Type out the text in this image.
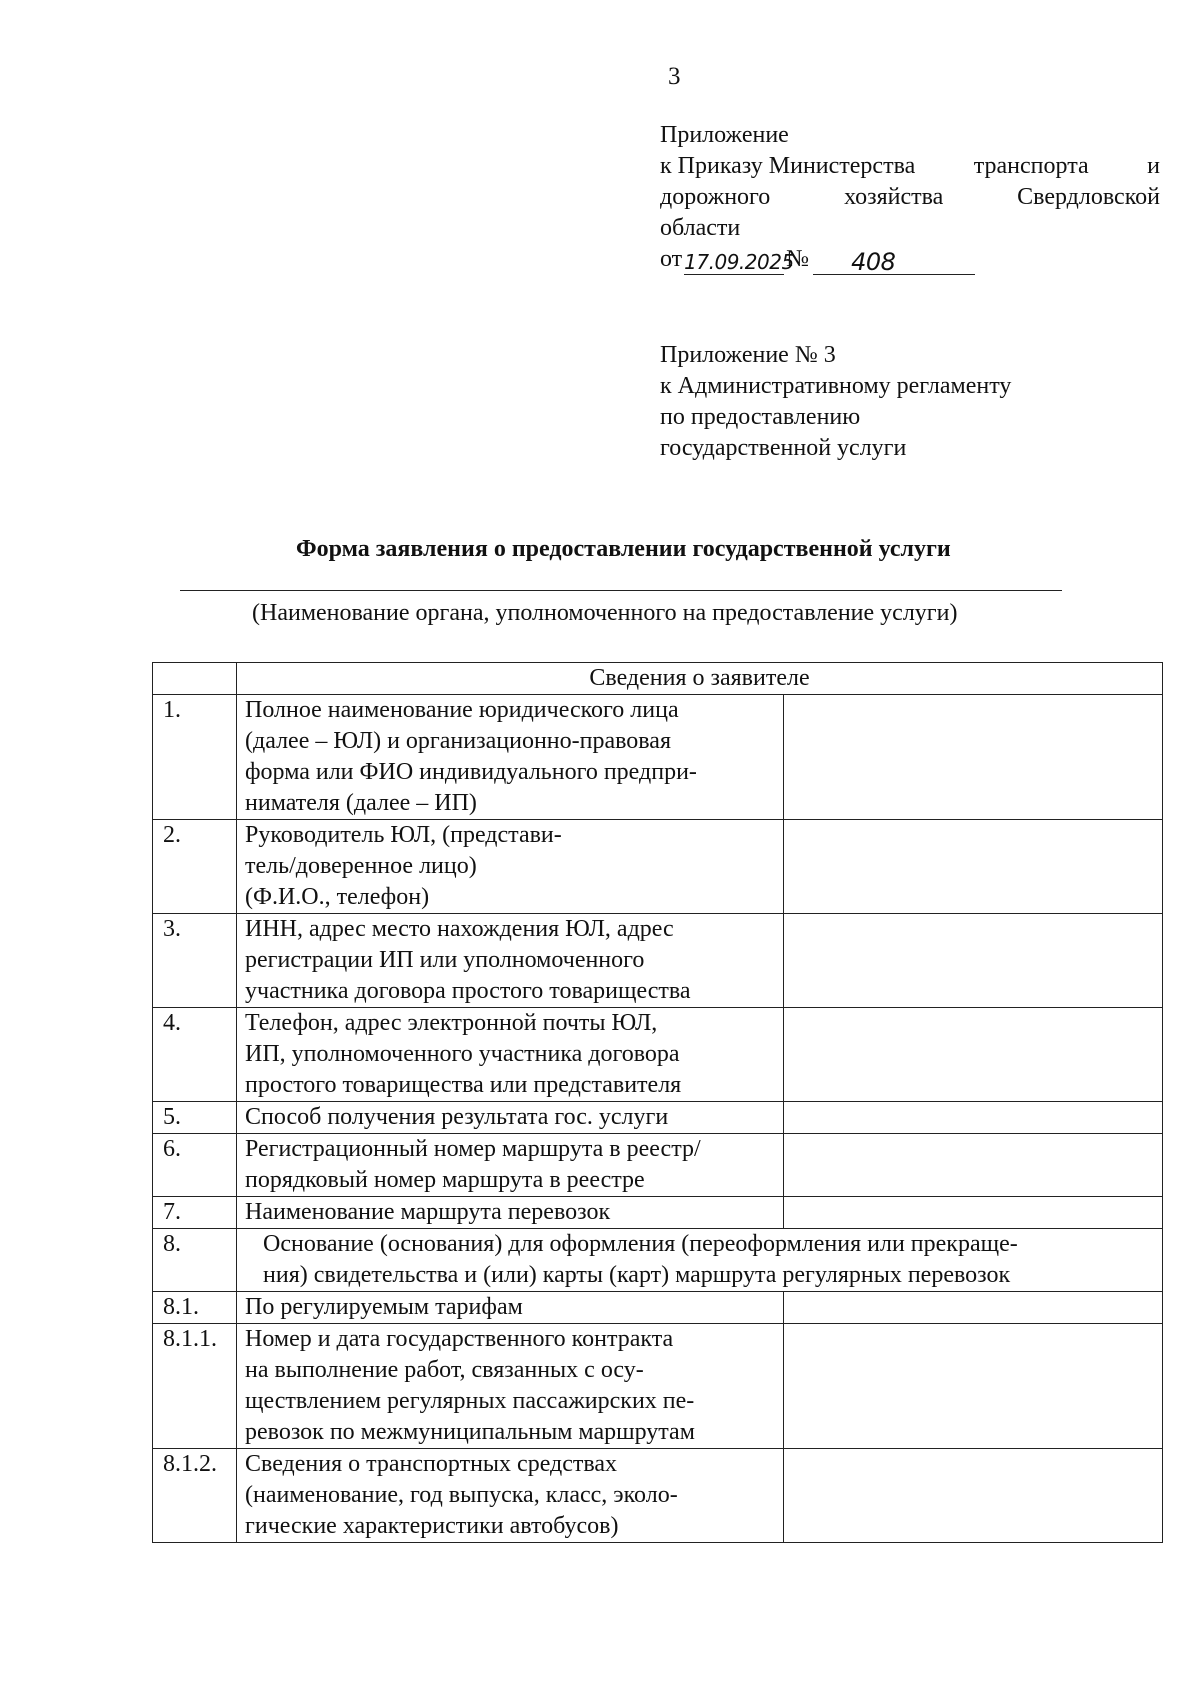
3
Приложение
к Приказу Министерства транспорта и
дорожного	хозяйства	Свердловской
области
от 17.09.2025
№	408
Приложение № 3
к Административному регламенту
по предоставлению
государственной услуги
Форма заявления о предоставлении государственной услуги
(Наименование органа, уполномоченного на предоставление услуги)
	Сведения о заявителе	
1.	Полное наименование юридического лица
(далее – ЮЛ) и организационно-правовая
форма или ФИО индивидуального предпри-
нимателя (далее – ИП)	

2.	Руководитель ЮЛ, (представи-
тель/доверенное лицо)
(Ф.И.О., телефон)	

3.	ИНН, адрес место нахождения ЮЛ, адрес
регистрации ИП или уполномоченного
участника договора простого товарищества	

4.	Телефон, адрес электронной почты ЮЛ,
ИП, уполномоченного участника договора
простого товарищества или представителя	

5.	Способ получения результата гос. услуги	

6.	Регистрационный номер маршрута в реестр/
порядковый номер маршрута в реестре	

7.	Наименование маршрута перевозок	

8.	Основание (основания) для оформления (переоформления или прекраще-
ния) свидетельства и (или) карты (карт) маршрута регулярных перевозок	

8.1.	По регулируемым тарифам	

8.1.1.	Номер и дата государственного контракта
на выполнение работ, связанных с осу-
ществлением регулярных пассажирских пе-
ревозок по межмуниципальным маршрутам	

8.1.2.	Сведения о транспортных средствах
(наименование, год выпуска, класс, эколо-
гические характеристики автобусов)	
